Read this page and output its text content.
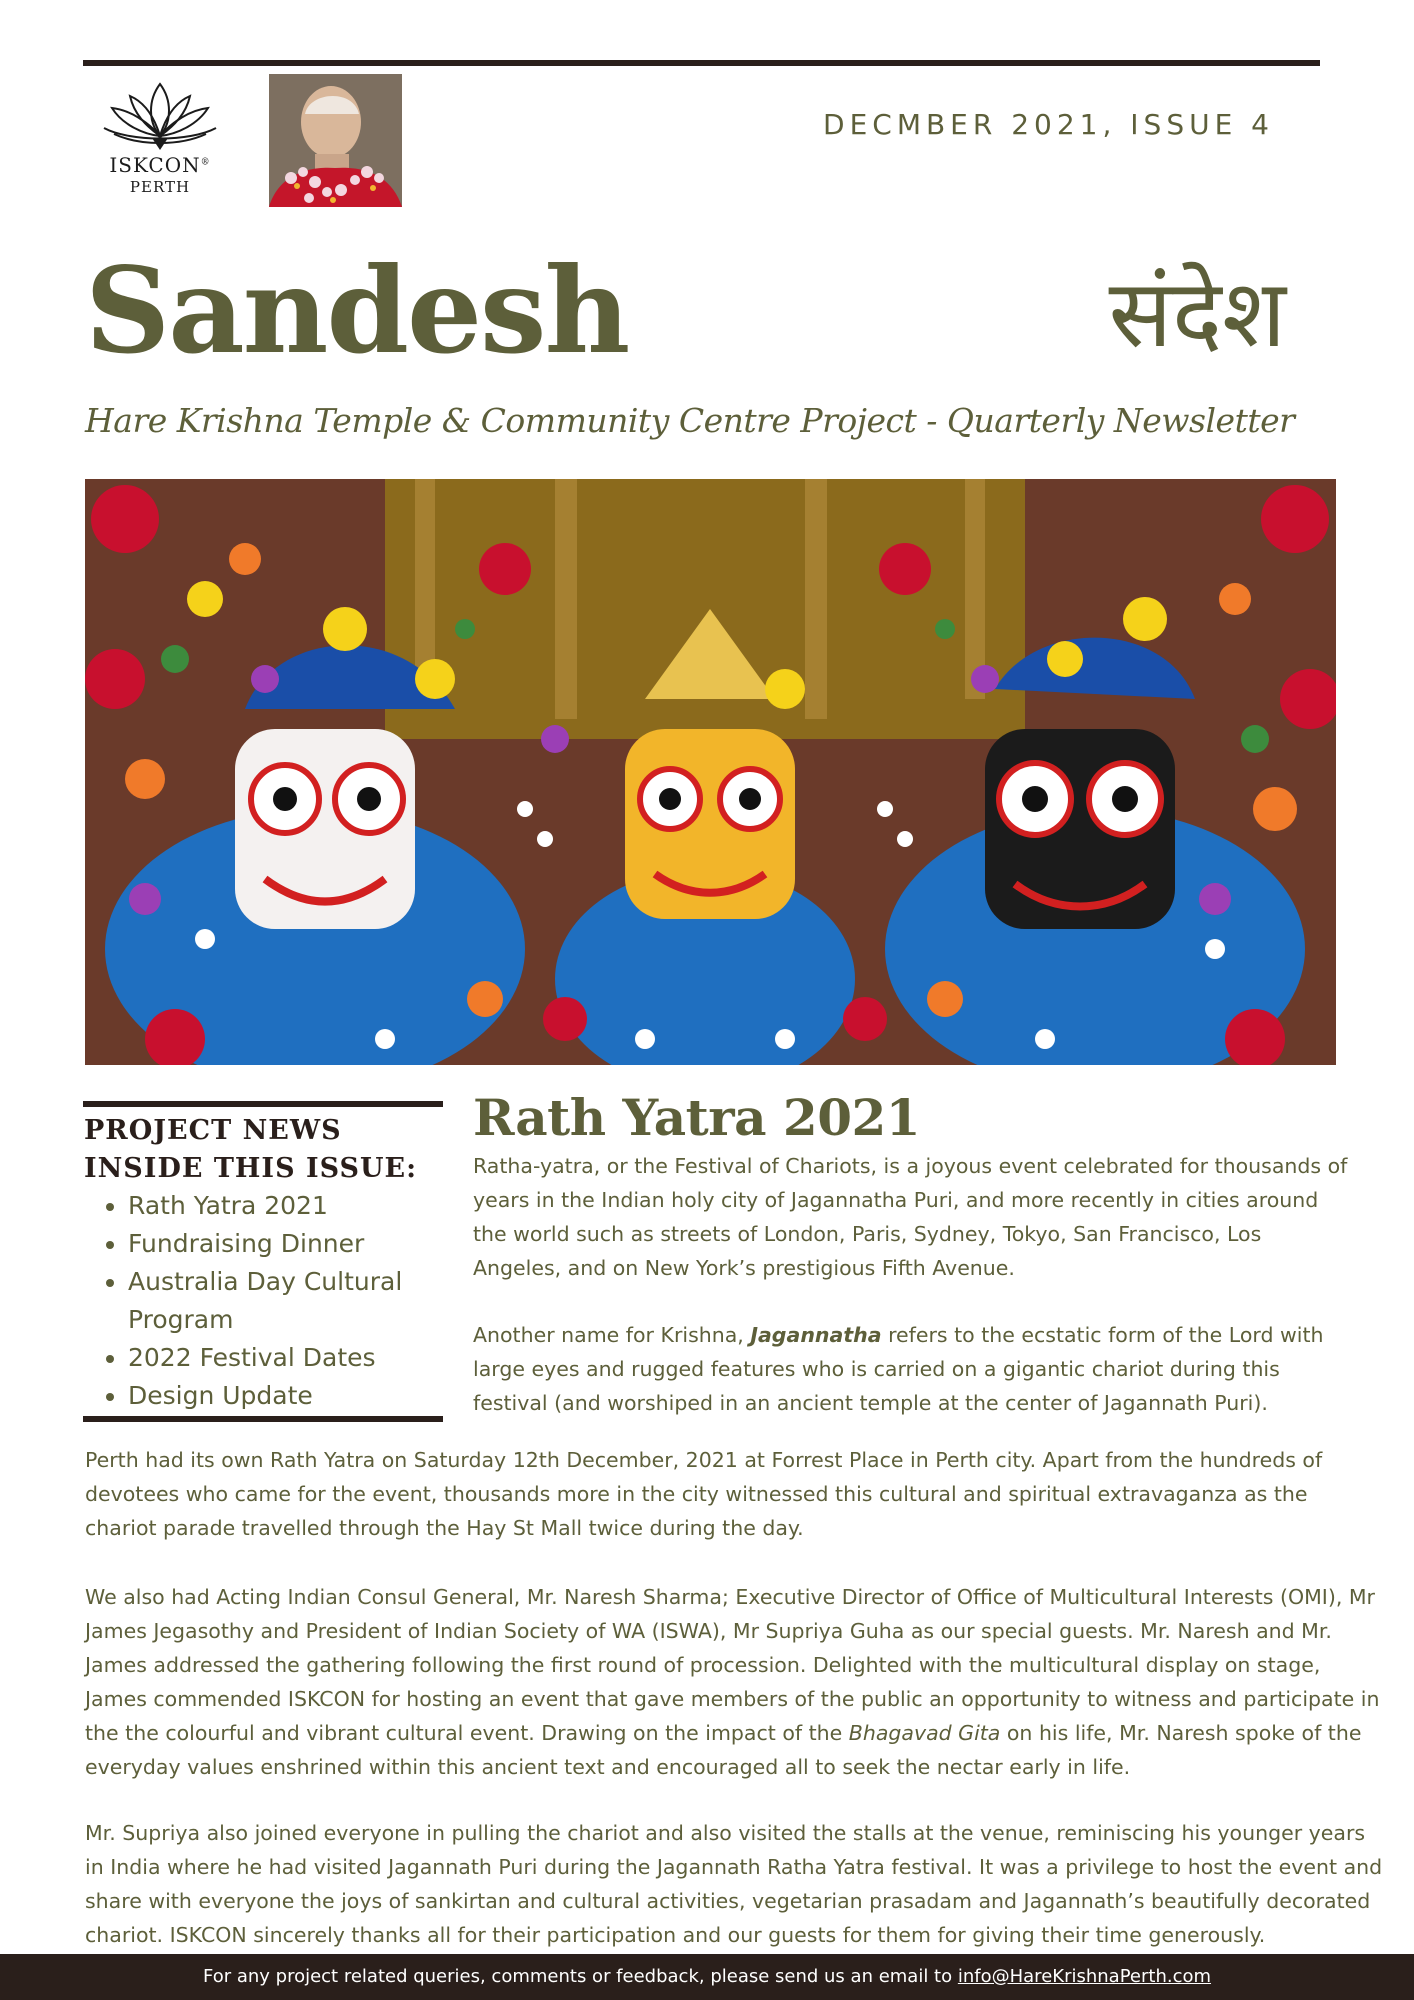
ISKCON®
PERTH
DECMBER 2021, ISSUE 4
Sandesh	संदेश
Hare Krishna Temple & Community Centre Project - Quarterly Newsletter
PROJECT NEWS
INSIDE THIS ISSUE:
• Rath Yatra 2021
• Fundraising Dinner
• Australia Day Cultural Program
• 2022 Festival Dates
• Design Update
Rath Yatra 2021

Ratha-yatra, or the Festival of Chariots, is a joyous event celebrated for thousands of years in the Indian holy city of Jagannatha Puri, and more recently in cities around the world such as streets of London, Paris, Sydney, Tokyo, San Francisco, Los Angeles, and on New York’s prestigious Fifth Avenue.

Another name for Krishna, Jagannatha refers to the ecstatic form of the Lord with large eyes and rugged features who is carried on a gigantic chariot during this festival (and worshiped in an ancient temple at the center of Jagannath Puri).

Perth had its own Rath Yatra on Saturday 12th December, 2021 at Forrest Place in Perth city. Apart from the hundreds of devotees who came for the event, thousands more in the city witnessed this cultural and spiritual extravaganza as the chariot parade travelled through the Hay St Mall twice during the day.

We also had Acting Indian Consul General, Mr. Naresh Sharma; Executive Director of Office of Multicultural Interests (OMI), Mr James Jegasothy and President of Indian Society of WA (ISWA), Mr Supriya Guha as our special guests. Mr. Naresh and Mr. James addressed the gathering following the first round of procession. Delighted with the multicultural display on stage, James commended ISKCON for hosting an event that gave members of the public an opportunity to witness and participate in the the colourful and vibrant cultural event. Drawing on the impact of the Bhagavad Gita on his life, Mr. Naresh spoke of the everyday values enshrined within this ancient text and encouraged all to seek the nectar early in life.

Mr. Supriya also joined everyone in pulling the chariot and also visited the stalls at the venue, reminiscing his younger years in India where he had visited Jagannath Puri during the Jagannath Ratha Yatra festival. It was a privilege to host the event and share with everyone the joys of sankirtan and cultural activities, vegetarian prasadam and Jagannath’s beautifully decorated chariot. ISKCON sincerely thanks all for their participation and our guests for them for giving their time generously.

For any project related queries, comments or feedback, please send us an email to info@HareKrishnaPerth.com
